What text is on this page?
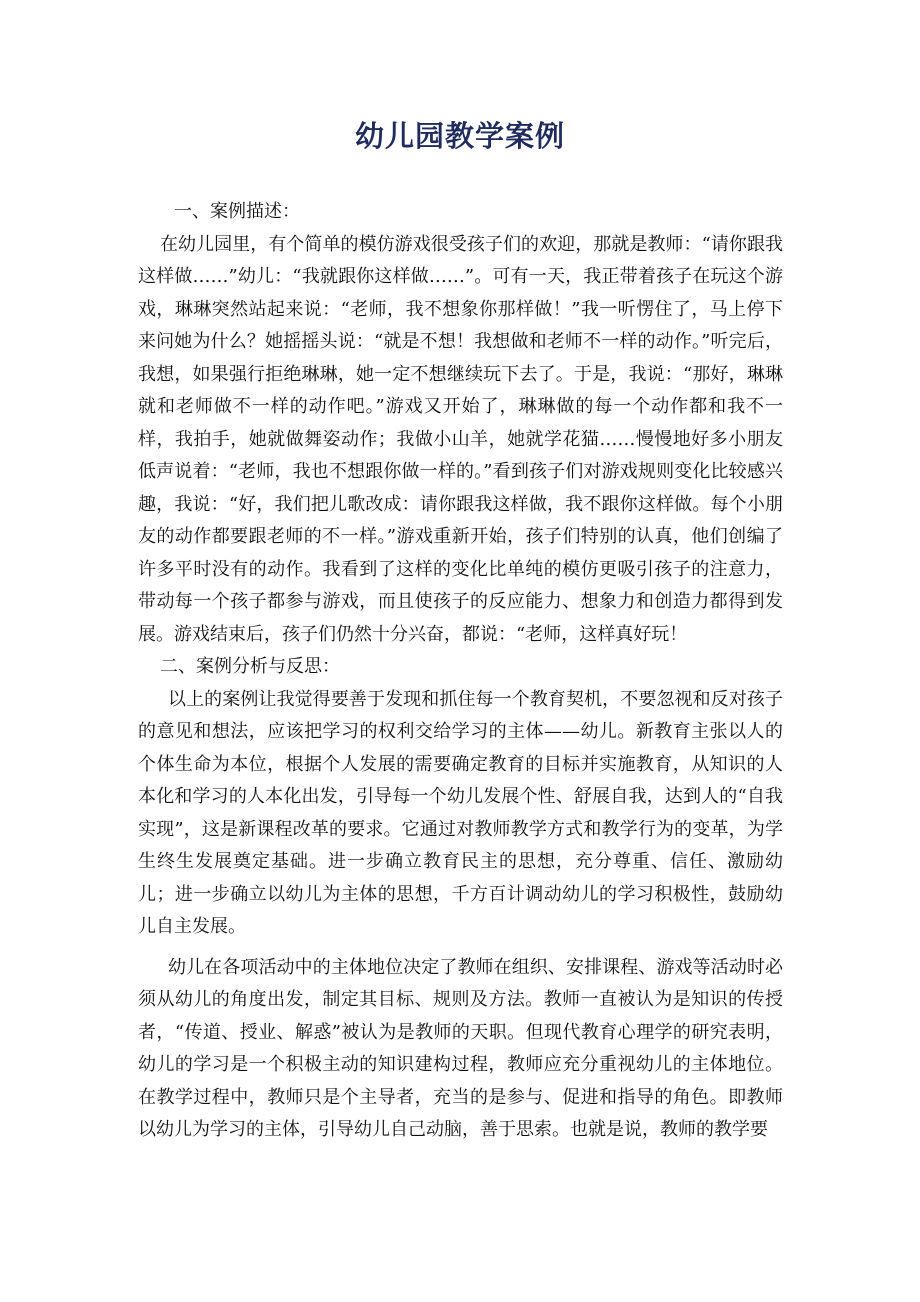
幼儿园教学案例

一、案例描述：

在幼儿园里，有个简单的模仿游戏很受孩子们的欢迎，那就是教师：“请你跟我这样做……”幼儿：“我就跟你这样做……”。可有一天，我正带着孩子在玩这个游戏，琳琳突然站起来说：“老师，我不想象你那样做！”我一听愣住了，马上停下来问她为什么？她摇摇头说：“就是不想！我想做和老师不一样的动作。”听完后，我想，如果强行拒绝琳琳，她一定不想继续玩下去了。于是，我说：“那好，琳琳就和老师做不一样的动作吧。”游戏又开始了，琳琳做的每一个动作都和我不一样，我拍手，她就做舞姿动作；我做小山羊，她就学花猫……慢慢地好多小朋友低声说着：“老师，我也不想跟你做一样的。”看到孩子们对游戏规则变化比较感兴趣，我说：“好，我们把儿歌改成：请你跟我这样做，我不跟你这样做。每个小朋友的动作都要跟老师的不一样。”游戏重新开始，孩子们特别的认真，他们创编了许多平时没有的动作。我看到了这样的变化比单纯的模仿更吸引孩子的注意力，带动每一个孩子都参与游戏，而且使孩子的反应能力、想象力和创造力都得到发展。游戏结束后，孩子们仍然十分兴奋，都说：“老师，这样真好玩！

二、案例分析与反思：

以上的案例让我觉得要善于发现和抓住每一个教育契机，不要忽视和反对孩子的意见和想法，应该把学习的权利交给学习的主体——幼儿。新教育主张以人的个体生命为本位，根据个人发展的需要确定教育的目标并实施教育，从知识的人本化和学习的人本化出发，引导每一个幼儿发展个性、舒展自我，达到人的“自我实现”，这是新课程改革的要求。它通过对教师教学方式和教学行为的变革，为学生终生发展奠定基础。进一步确立教育民主的思想，充分尊重、信任、激励幼儿；进一步确立以幼儿为主体的思想，千方百计调动幼儿的学习积极性，鼓励幼儿自主发展。

幼儿在各项活动中的主体地位决定了教师在组织、安排课程、游戏等活动时必须从幼儿的角度出发，制定其目标、规则及方法。教师一直被认为是知识的传授者，“传道、授业、解惑”被认为是教师的天职。但现代教育心理学的研究表明，幼儿的学习是一个积极主动的知识建构过程，教师应充分重视幼儿的主体地位。在教学过程中，教师只是个主导者，充当的是参与、促进和指导的角色。即教师以幼儿为学习的主体，引导幼儿自己动脑，善于思索。也就是说，教师的教学要
